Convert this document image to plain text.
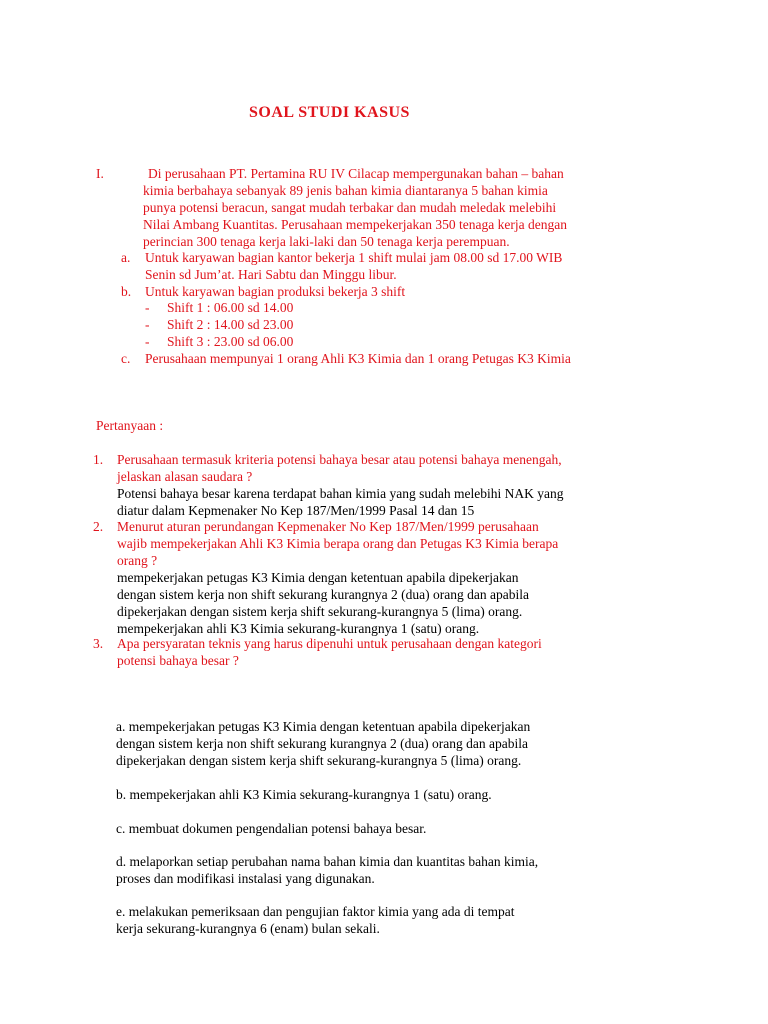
SOAL STUDI KASUS
I.	Di perusahaan PT. Pertamina RU IV Cilacap mempergunakan bahan – bahan
kimia berbahaya sebanyak 89 jenis bahan kimia diantaranya 5 bahan kimia
punya potensi beracun, sangat mudah terbakar dan mudah meledak melebihi
Nilai Ambang Kuantitas. Perusahaan mempekerjakan 350 tenaga kerja dengan
perincian 300 tenaga kerja laki-laki dan 50 tenaga kerja perempuan.
a. Untuk karyawan bagian kantor bekerja 1 shift mulai jam 08.00 sd 17.00 WIB
Senin sd Jum’at. Hari Sabtu dan Minggu libur.
b. Untuk karyawan bagian produksi bekerja 3 shift
- Shift 1 : 06.00 sd 14.00
- Shift 2 : 14.00 sd 23.00
- Shift 3 : 23.00 sd 06.00
c. Perusahaan mempunyai 1 orang Ahli K3 Kimia dan 1 orang Petugas K3 Kimia
Pertanyaan :
1. Perusahaan termasuk kriteria potensi bahaya besar atau potensi bahaya menengah,
jelaskan alasan saudara ?
Potensi bahaya besar karena terdapat bahan kimia yang sudah melebihi NAK yang
diatur dalam Kepmenaker No Kep 187/Men/1999 Pasal 14 dan 15
2. Menurut aturan perundangan Kepmenaker No Kep 187/Men/1999 perusahaan
wajib mempekerjakan Ahli K3 Kimia berapa orang dan Petugas K3 Kimia berapa
orang ?
mempekerjakan petugas K3 Kimia dengan ketentuan apabila dipekerjakan
dengan sistem kerja non shift sekurang kurangnya 2 (dua) orang dan apabila
dipekerjakan dengan sistem kerja shift sekurang-kurangnya 5 (lima) orang.
mempekerjakan ahli K3 Kimia sekurang-kurangnya 1 (satu) orang.
3. Apa persyaratan teknis yang harus dipenuhi untuk perusahaan dengan kategori
potensi bahaya besar ?
a. mempekerjakan petugas K3 Kimia dengan ketentuan apabila dipekerjakan
dengan sistem kerja non shift sekurang kurangnya 2 (dua) orang dan apabila
dipekerjakan dengan sistem kerja shift sekurang-kurangnya 5 (lima) orang.
b. mempekerjakan ahli K3 Kimia sekurang-kurangnya 1 (satu) orang.
c. membuat dokumen pengendalian potensi bahaya besar.
d. melaporkan setiap perubahan nama bahan kimia dan kuantitas bahan kimia,
proses dan modifikasi instalasi yang digunakan.
e. melakukan pemeriksaan dan pengujian faktor kimia yang ada di tempat
kerja sekurang-kurangnya 6 (enam) bulan sekali.
